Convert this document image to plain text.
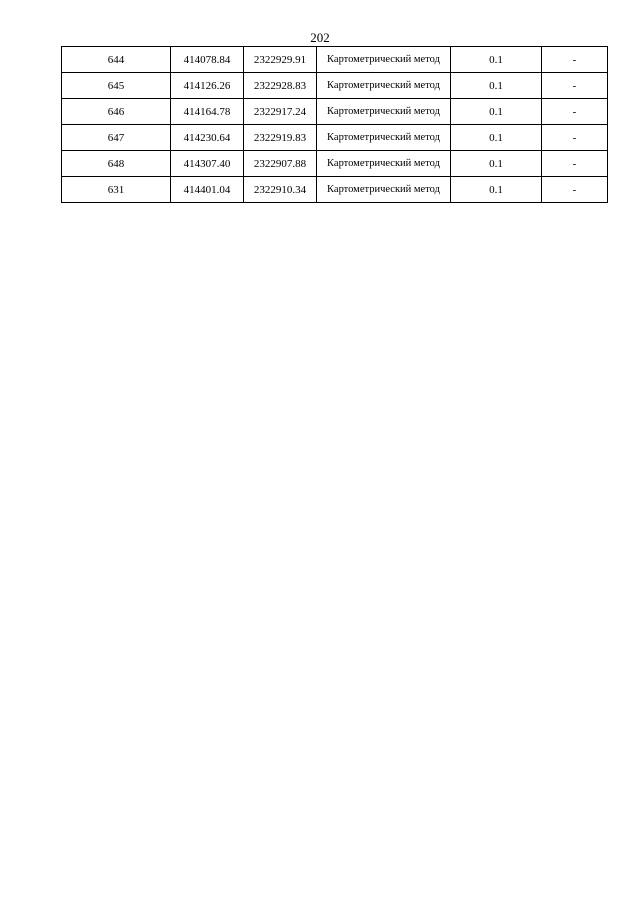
202
644	414078.84	2322929.91	Картометрический метод	0.1	-
645	414126.26	2322928.83	Картометрический метод	0.1	-
646	414164.78	2322917.24	Картометрический метод	0.1	-
647	414230.64	2322919.83	Картометрический метод	0.1	-
648	414307.40	2322907.88	Картометрический метод	0.1	-
631	414401.04	2322910.34	Картометрический метод	0.1	-
